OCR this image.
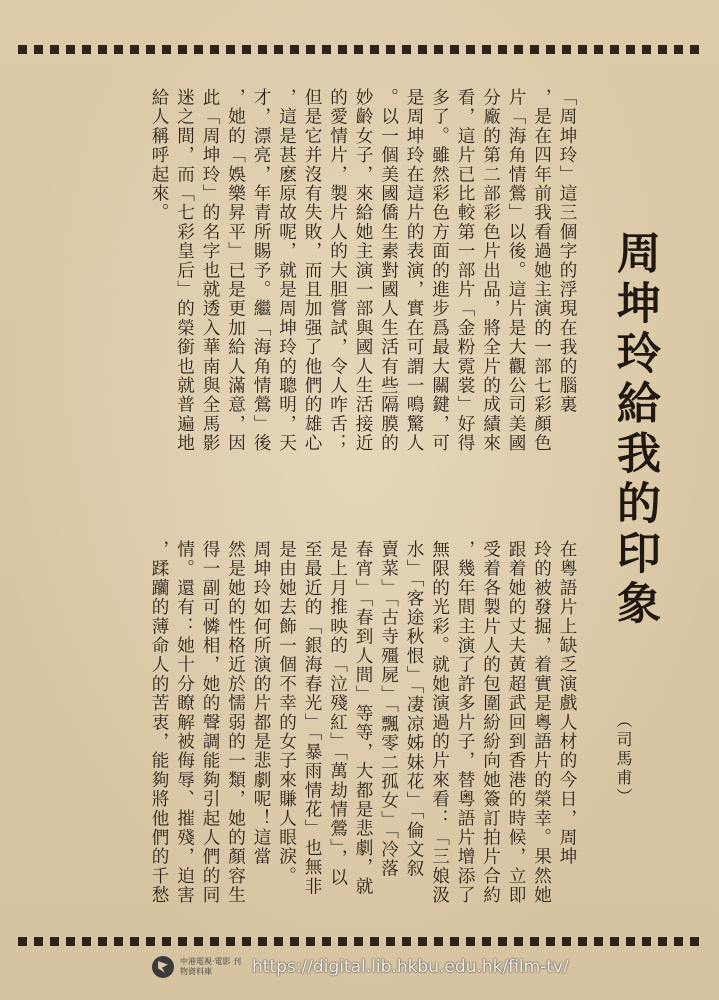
周坤玲給我的印象
（司馬甫）
「周坤玲」這三個字的浮現在我的腦裏
，是在四年前我看過她主演的一部七彩顏色
片「海角情鶯」以後。這片是大觀公司美國
分廠的第二部彩色片出品，將全片的成績來
看，這片已比較第一部片「金粉霓裳」好得
多了。雖然彩色方面的進步爲最大關鍵，可
是周坤玲在這片的表演，實在可謂一鳴驚人
。以一個美國僑生素對國人生活有些隔膜的
妙齡女子，來給她主演一部與國人生活接近
的愛情片，製片人的大胆嘗試，令人咋舌；
但是它并沒有失敗，而且加强了他們的雄心
，這是甚麽原故呢，就是周坤玲的聰明，天
才，漂亮，年青所賜予。繼「海角情鶯」後
，她的「娛樂昇平」已是更加給人滿意，因
此「周坤玲」的名字也就透入華南與全馬影
迷之間，而「七彩皇后」的榮銜也就普遍地
給人稱呼起來。
在粵語片上缺乏演戲人材的今日，周坤
玲的被發掘，着實是粵語片的榮幸。果然她
跟着她的丈夫黃超武回到香港的時候，立即
受着各製片人的包圍紛紛向她簽訂拍片合約
，幾年間主演了許多片子，替粵語片增添了
無限的光彩。就她演過的片來看：「三娘汲
水」「客途秋恨」「凄凉姊妹花」「倫文叙
賣菜」「古寺殭屍」「飄零二孤女」「冷落
春宵」「春到人間」等等，大都是悲劇，就
是上月推映的「泣殘紅」「萬劫情鶯」，以
至最近的「銀海春光」「暴雨情花」也無非
是由她去飾一個不幸的女子來賺人眼淚。
周坤玲如何所演的片都是悲劇呢！這當
然是她的性格近於懦弱的一類，她的顏容生
得一副可憐相，她的聲調能夠引起人們的同
情。還有：她十分瞭解被侮辱、摧殘，迫害
，蹂躪的薄命人的苦衷，能夠將他們的千愁
中港電視·電影 刊物資料庫	https://digital.lib.hkbu.edu.hk/film-tv/
